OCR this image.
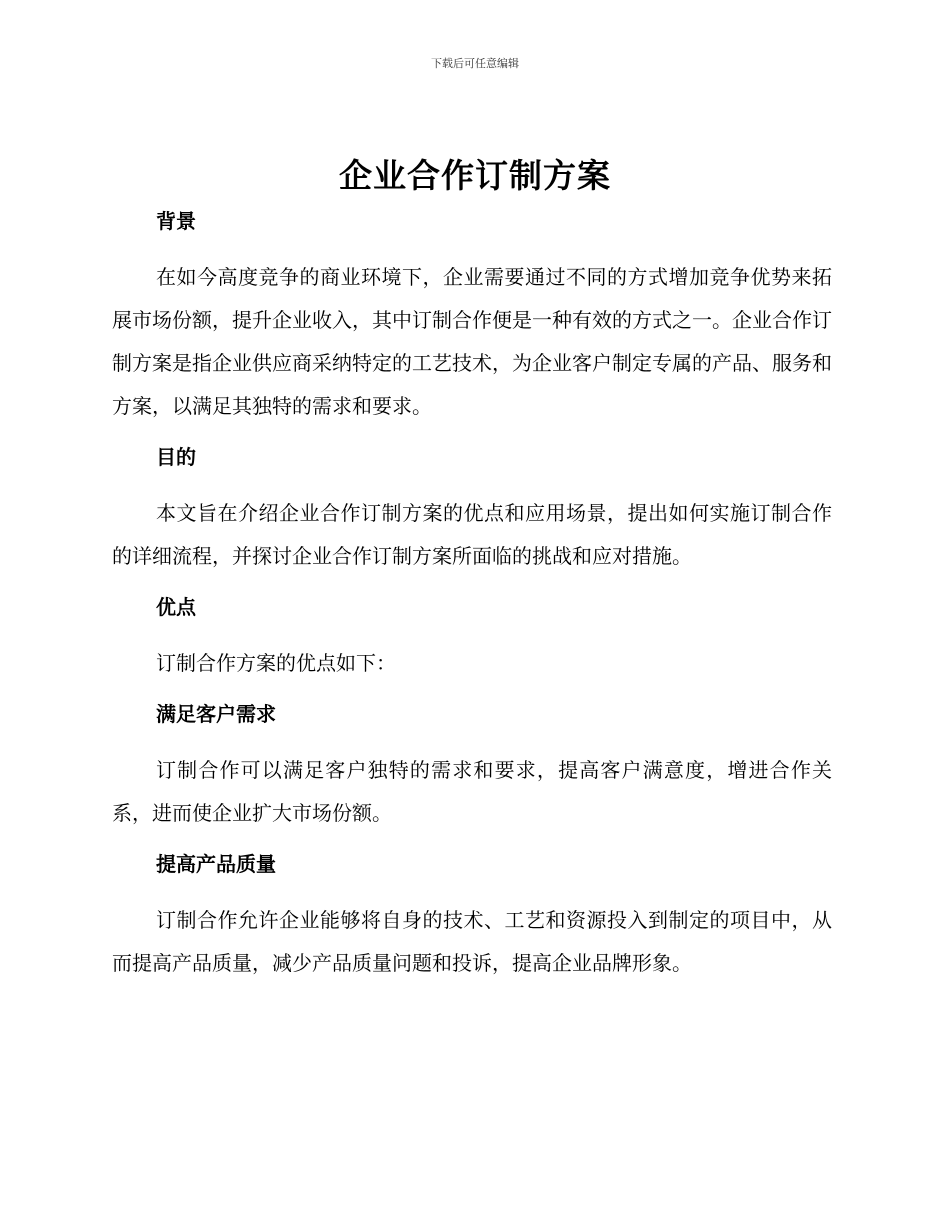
下载后可任意编辑
企业合作订制方案
背景

在如今高度竞争的商业环境下，企业需要通过不同的方式增加竞争优势来拓展市场份额，提升企业收入，其中订制合作便是一种有效的方式之一。企业合作订制方案是指企业供应商采纳特定的工艺技术，为企业客户制定专属的产品、服务和方案，以满足其独特的需求和要求。

目的

本文旨在介绍企业合作订制方案的优点和应用场景，提出如何实施订制合作的详细流程，并探讨企业合作订制方案所面临的挑战和应对措施。

优点

订制合作方案的优点如下：

满足客户需求

订制合作可以满足客户独特的需求和要求，提高客户满意度，增进合作关系，进而使企业扩大市场份额。

提高产品质量

订制合作允许企业能够将自身的技术、工艺和资源投入到制定的项目中，从而提高产品质量，减少产品质量问题和投诉，提高企业品牌形象。
